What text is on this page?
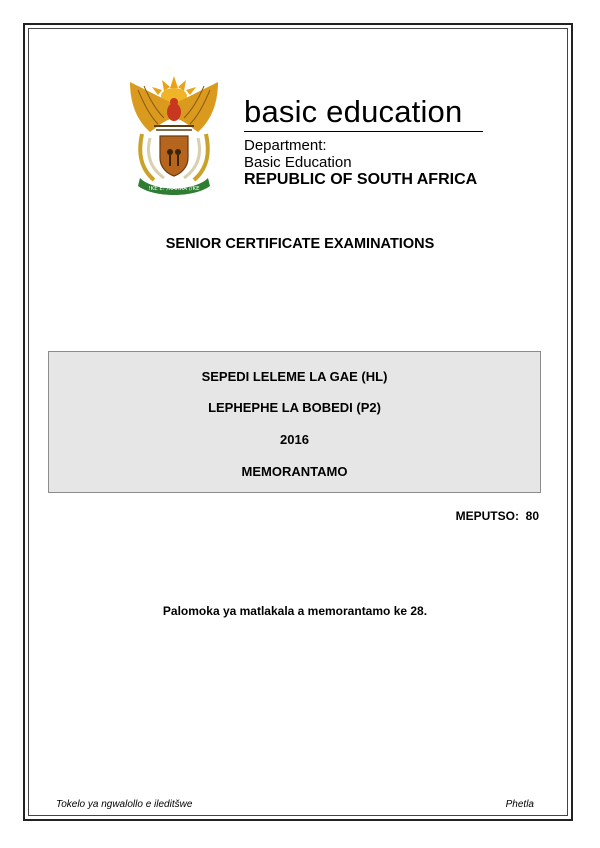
!KE E: /XARRA //KE
basic education
Department:
Basic Education
REPUBLIC OF SOUTH AFRICA
SENIOR CERTIFICATE EXAMINATIONS
SEPEDI LELEME LA GAE (HL)
LEPHEPHE LA BOBEDI (P2)
2016
MEMORANTAMO
MEPUTSO:  80
Palomoka ya matlakala a memorantamo ke 28.
Tokelo ya ngwalollo e ileditšwe	Phetla
